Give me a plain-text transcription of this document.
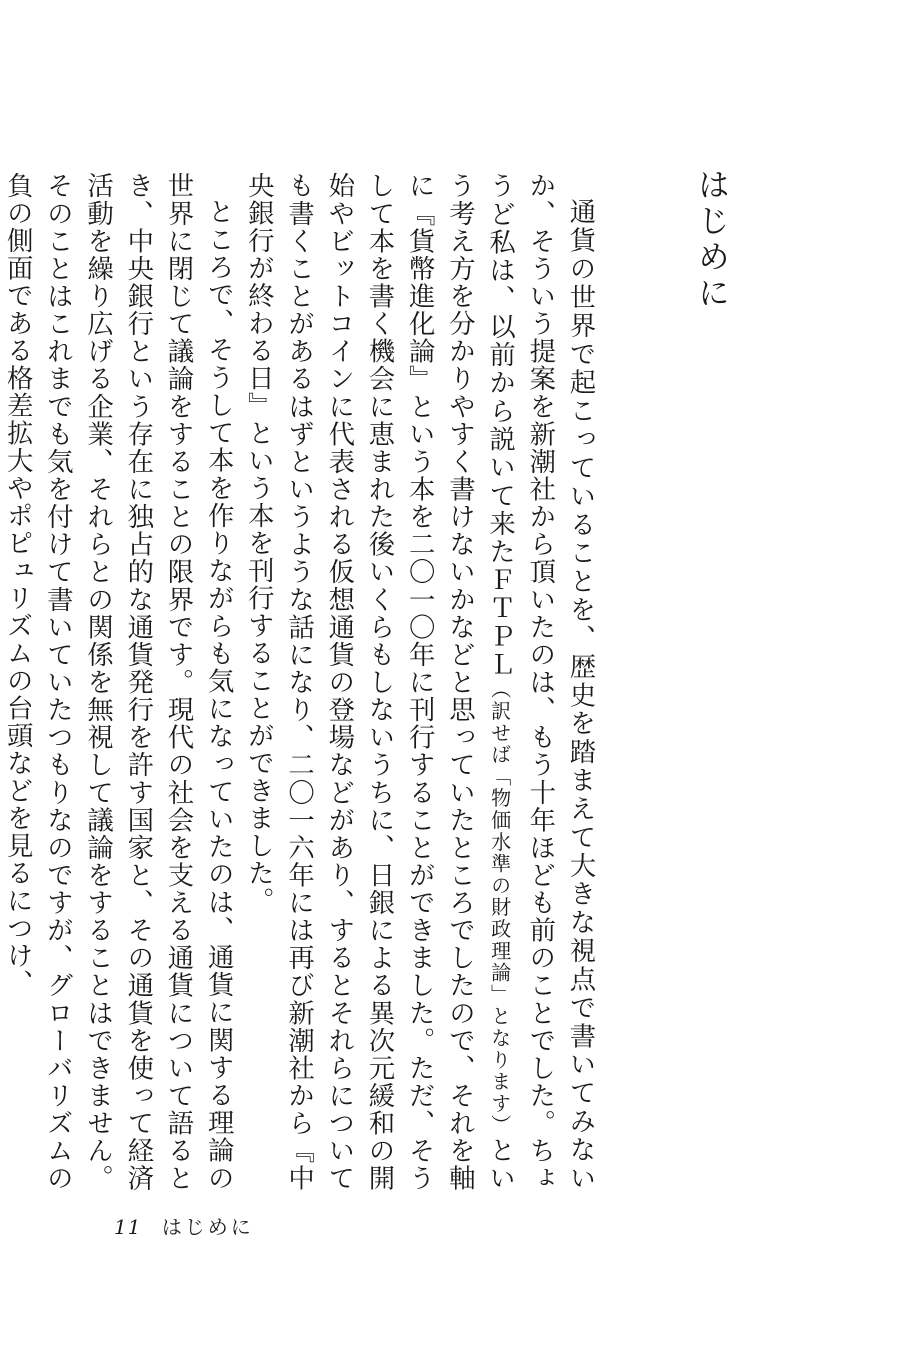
はじめに

通貨の世界で起こっていることを、歴史を踏まえて大きな視点で書いてみないか、そういう提案を新潮社から頂いたのは、もう十年ほども前のことでした。ちょうど私は、以前から説いて来たＦＴＰＬ（訳せば「物価水準の財政理論」となります）という考え方を分かりやすく書けないかなどと思っていたところでしたので、それを軸に『貨幣進化論』という本を二〇一〇年に刊行することができました。ただ、そうして本を書く機会に恵まれた後いくらもしないうちに、日銀による異次元緩和の開始やビットコインに代表される仮想通貨の登場などがあり、するとそれらについても書くことがあるはずというような話になり、二〇一六年には再び新潮社から『中央銀行が終わる日』という本を刊行することができました。

ところで、そうして本を作りながらも気になっていたのは、通貨に関する理論の世界に閉じて議論をすることの限界です。現代の社会を支える通貨について語るとき、中央銀行という存在に独占的な通貨発行を許す国家と、その通貨を使って経済活動を繰り広げる企業、それらとの関係を無視して議論をすることはできません。そのことはこれまでも気を付けて書いていたつもりなのですが、グローバリズムの負の側面である格差拡大やポピュリズムの台頭などを見るにつけ、

11 はじめに
